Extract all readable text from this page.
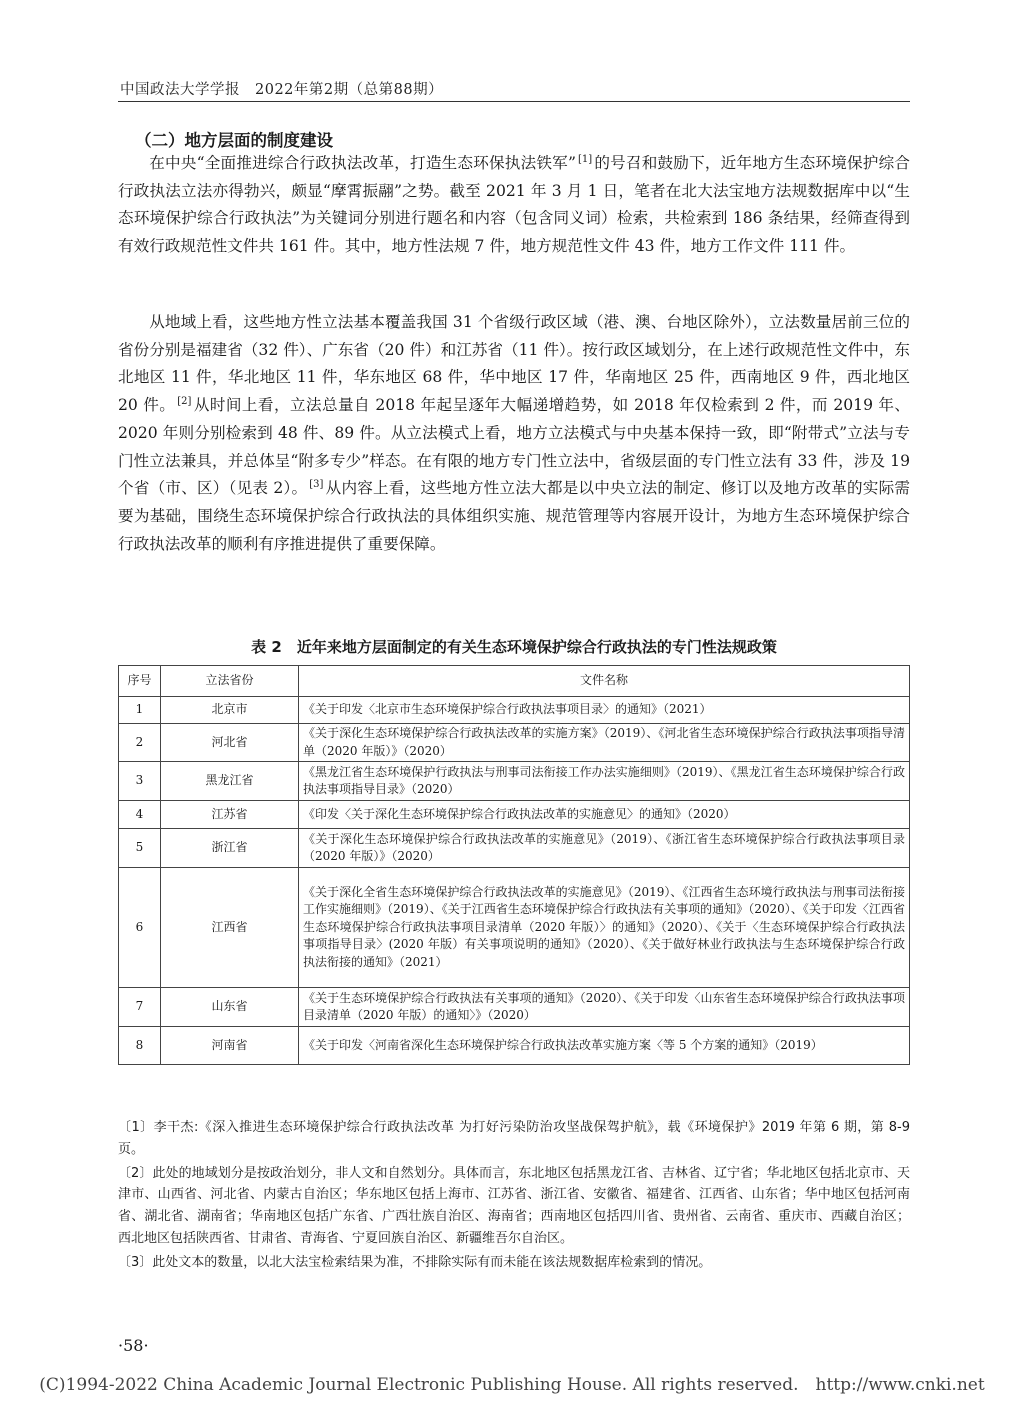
中国政法大学学报　2022年第2期（总第88期）
（二）地方层面的制度建设

在中央“全面推进综合行政执法改革，打造生态环保执法铁军” [1] 的号召和鼓励下，近年地方生态环境保护综合行政执法立法亦得勃兴，颇显“摩霄振翮”之势。截至 2021 年 3 月 1 日，笔者在北大法宝地方法规数据库中以“生态环境保护综合行政执法”为关键词分别进行题名和内容（包含同义词）检索，共检索到 186 条结果，经筛查得到有效行政规范性文件共 161 件。其中，地方性法规 7 件，地方规范性文件 43 件，地方工作文件 111 件。

从地域上看，这些地方性立法基本覆盖我国 31 个省级行政区域（港、澳、台地区除外），立法数量居前三位的省份分别是福建省（32 件）、广东省（20 件）和江苏省（11 件）。按行政区域划分，在上述行政规范性文件中，东北地区 11 件，华北地区 11 件，华东地区 68 件，华中地区 17 件，华南地区 25 件，西南地区 9 件，西北地区 20 件。 [2] 从时间上看，立法总量自 2018 年起呈逐年大幅递增趋势，如 2018 年仅检索到 2 件，而 2019 年、2020 年则分别检索到 48 件、89 件。从立法模式上看，地方立法模式与中央基本保持一致，即“附带式”立法与专门性立法兼具，并总体呈“附多专少”样态。在有限的地方专门性立法中，省级层面的专门性立法有 33 件，涉及 19 个省（市、区）（见表 2）。 [3] 从内容上看，这些地方性立法大都是以中央立法的制定、修订以及地方改革的实际需要为基础，围绕生态环境保护综合行政执法的具体组织实施、规范管理等内容展开设计，为地方生态环境保护综合行政执法改革的顺利有序推进提供了重要保障。

表 2　近年来地方层面制定的有关生态环境保护综合行政执法的专门性法规政策
序号	立法省份	文件名称
1	北京市	《关于印发〈北京市生态环境保护综合行政执法事项目录〉的通知》（2021）
2	河北省	《关于深化生态环境保护综合行政执法改革的实施方案》（2019）、《河北省生态环境保护综合行政执法事项指导清单（2020 年版）》（2020）
3	黑龙江省	《黑龙江省生态环境保护行政执法与刑事司法衔接工作办法实施细则》（2019）、《黑龙江省生态环境保护综合行政执法事项指导目录》（2020）
4	江苏省	《印发〈关于深化生态环境保护综合行政执法改革的实施意见〉的通知》（2020）
5	浙江省	《关于深化生态环境保护综合行政执法改革的实施意见》（2019）、《浙江省生态环境保护综合行政执法事项目录（2020 年版）》（2020）
6	江西省	《关于深化全省生态环境保护综合行政执法改革的实施意见》（2019）、《江西省生态环境行政执法与刑事司法衔接工作实施细则》（2019）、《关于江西省生态环境保护综合行政执法有关事项的通知》（2020）、《关于印发〈江西省生态环境保护综合行政执法事项目录清单（2020 年版）〉的通知》（2020）、《关于〈生态环境保护综合行政执法事项指导目录〉(2020 年版）有关事项说明的通知》（2020）、《关于做好林业行政执法与生态环境保护综合行政执法衔接的通知》（2021）
7	山东省	《关于生态环境保护综合行政执法有关事项的通知》（2020）、《关于印发〈山东省生态环境保护综合行政执法事项目录清单（2020 年版）的通知〉》（2020）
8	河南省	《关于印发〈河南省深化生态环境保护综合行政执法改革实施方案〈等 5 个方案的通知》（2019）

〔1〕李干杰:《深入推进生态环境保护综合行政执法改革 为打好污染防治攻坚战保驾护航》，载《环境保护》2019 年第 6 期，第 8-9 页。

〔2〕此处的地域划分是按政治划分，非人文和自然划分。具体而言，东北地区包括黑龙江省、吉林省、辽宁省；华北地区包括北京市、天津市、山西省、河北省、内蒙古自治区；华东地区包括上海市、江苏省、浙江省、安徽省、福建省、江西省、山东省；华中地区包括河南省、湖北省、湖南省；华南地区包括广东省、广西壮族自治区、海南省；西南地区包括四川省、贵州省、云南省、重庆市、西藏自治区；西北地区包括陕西省、甘肃省、青海省、宁夏回族自治区、新疆维吾尔自治区。

〔3〕此处文本的数量，以北大法宝检索结果为准，不排除实际有而未能在该法规数据库检索到的情况。

·58·
(C)1994-2022 China Academic Journal Electronic Publishing House. All rights reserved.　http://www.cnki.net
